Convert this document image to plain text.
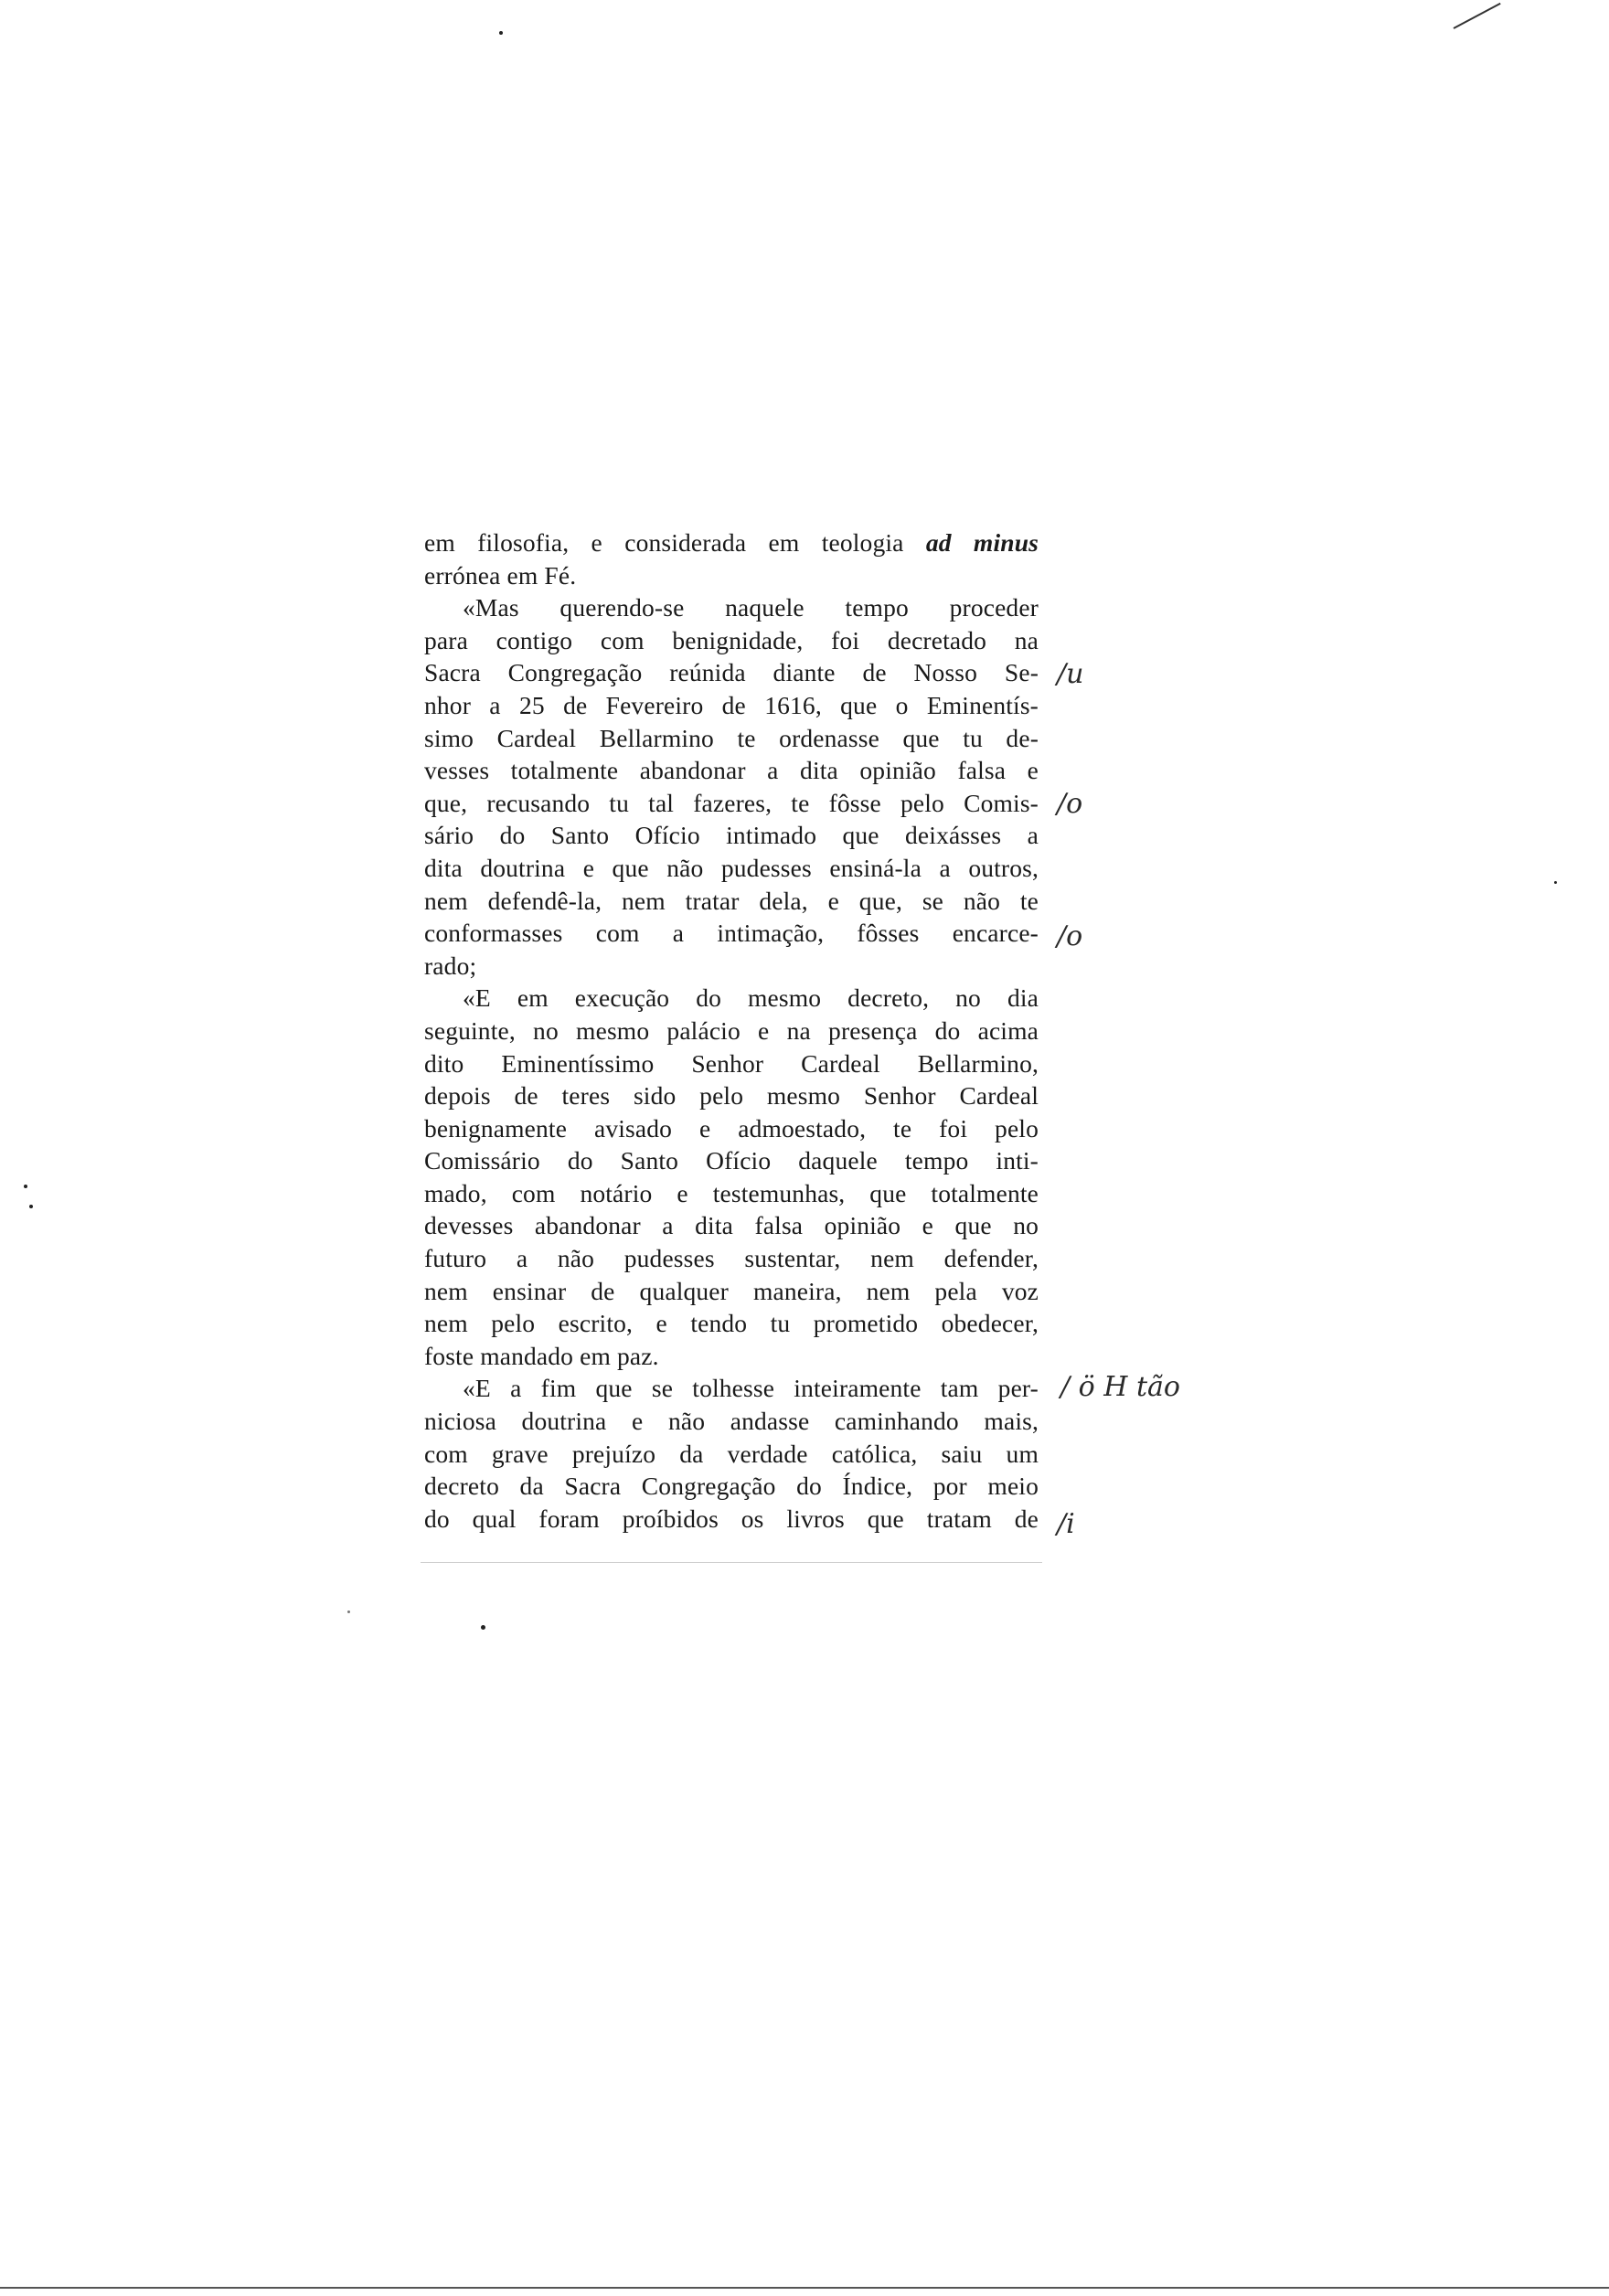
em filosofia, e considerada em teologia ad minus
errónea em Fé.
«Mas querendo-se naquele tempo proceder
para contigo com benignidade, foi decretado na
Sacra Congregação reúnida diante de Nosso Se-
nhor a 25 de Fevereiro de 1616, que o Eminentís-
simo Cardeal Bellarmino te ordenasse que tu de-
vesses totalmente abandonar a dita opinião falsa e
que, recusando tu tal fazeres, te fôsse pelo Comis-
sário do Santo Ofício intimado que deixásses a
dita doutrina e que não pudesses ensiná-la a outros,
nem defendê-la, nem tratar dela, e que, se não te
conformasses com a intimação, fôsses encarce-
rado;
«E em execução do mesmo decreto, no dia
seguinte, no mesmo palácio e na presença do acima
dito Eminentíssimo Senhor Cardeal Bellarmino,
depois de teres sido pelo mesmo Senhor Cardeal
benignamente avisado e admoestado, te foi pelo
Comissário do Santo Ofício daquele tempo inti-
mado, com notário e testemunhas, que totalmente
devesses abandonar a dita falsa opinião e que no
futuro a não pudesses sustentar, nem defender,
nem ensinar de qualquer maneira, nem pela voz
nem pelo escrito, e tendo tu prometido obedecer,
foste mandado em paz.
«E a fim que se tolhesse inteiramente tam per-
niciosa doutrina e não andasse caminhando mais,
com grave prejuízo da verdade católica, saiu um
decreto da Sacra Congregação do Índice, por meio
do qual foram proíbidos os livros que tratam de
/u
/o
/o
/ ö H tão
/i
